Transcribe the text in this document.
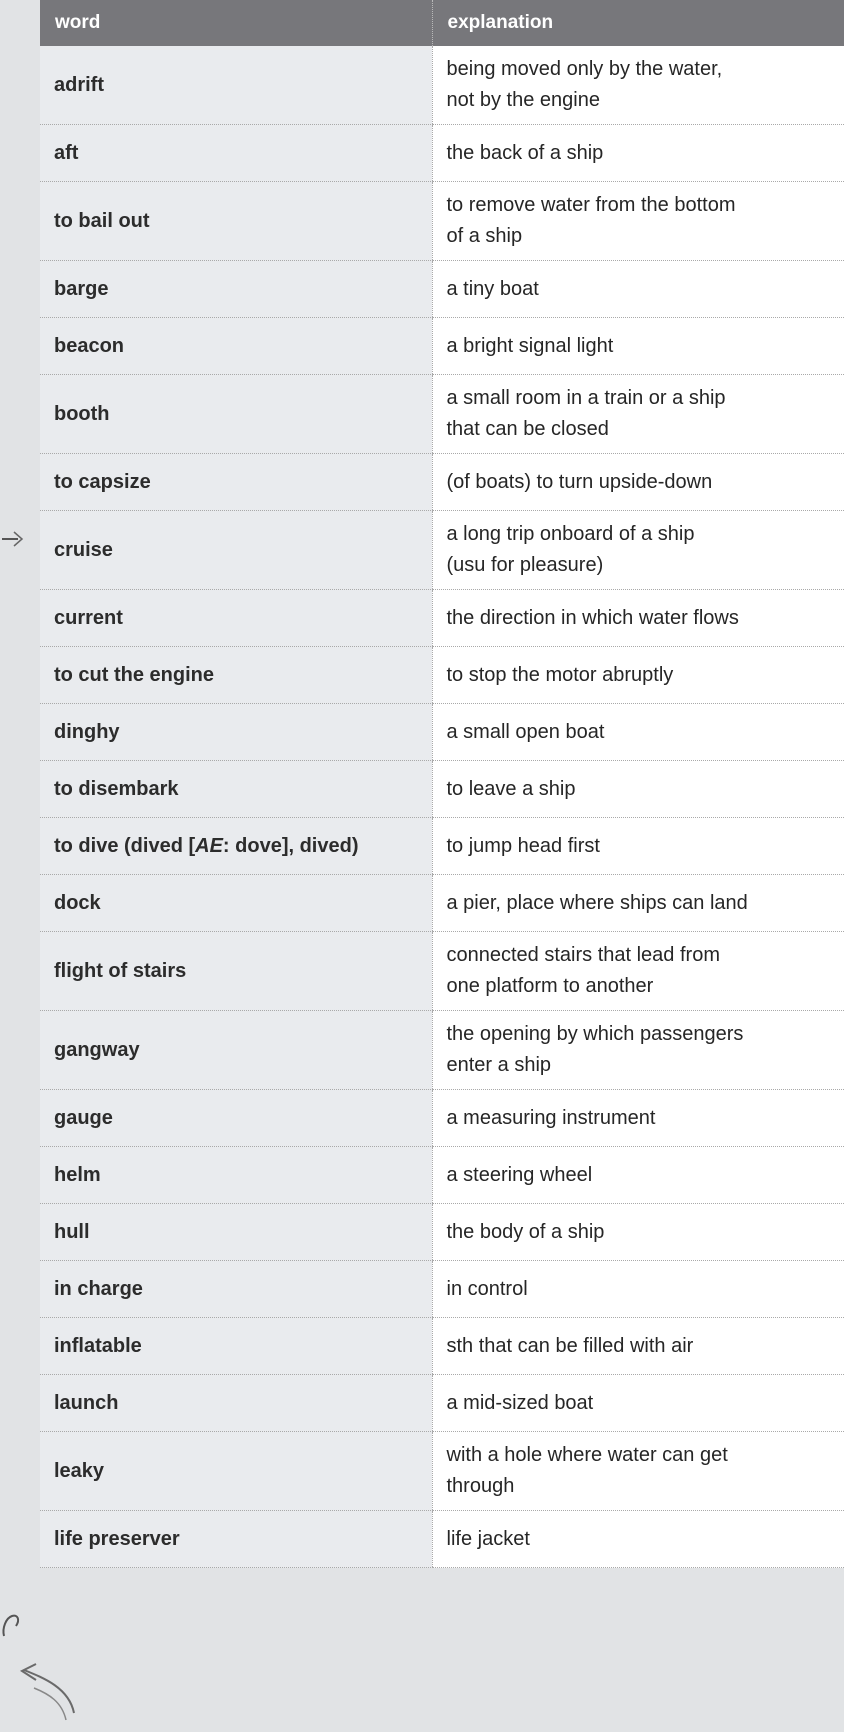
word	explanation
adrift	being moved only by the water,
not by the engine

aft	the back of a ship

to bail out	to remove water from the bottom
of a ship

barge	a tiny boat

beacon	a bright signal light

booth	a small room in a train or a ship
that can be closed

to capsize	(of boats) to turn upside-down

cruise	a long trip onboard of a ship
(usu for pleasure)

current	the direction in which water flows

to cut the engine	to stop the motor abruptly

dinghy	a small open boat

to disembark	to leave a ship

to dive (dived [AE: dove], dived)	to jump head first

dock	a pier, place where ships can land

flight of stairs	connected stairs that lead from
one platform to another

gangway	the opening by which passengers
enter a ship

gauge	a measuring instrument

helm	a steering wheel

hull	the body of a ship

in charge	in control

inflatable	sth that can be filled with air

launch	a mid-sized boat

leaky	with a hole where water can get
through

life preserver	life jacket
